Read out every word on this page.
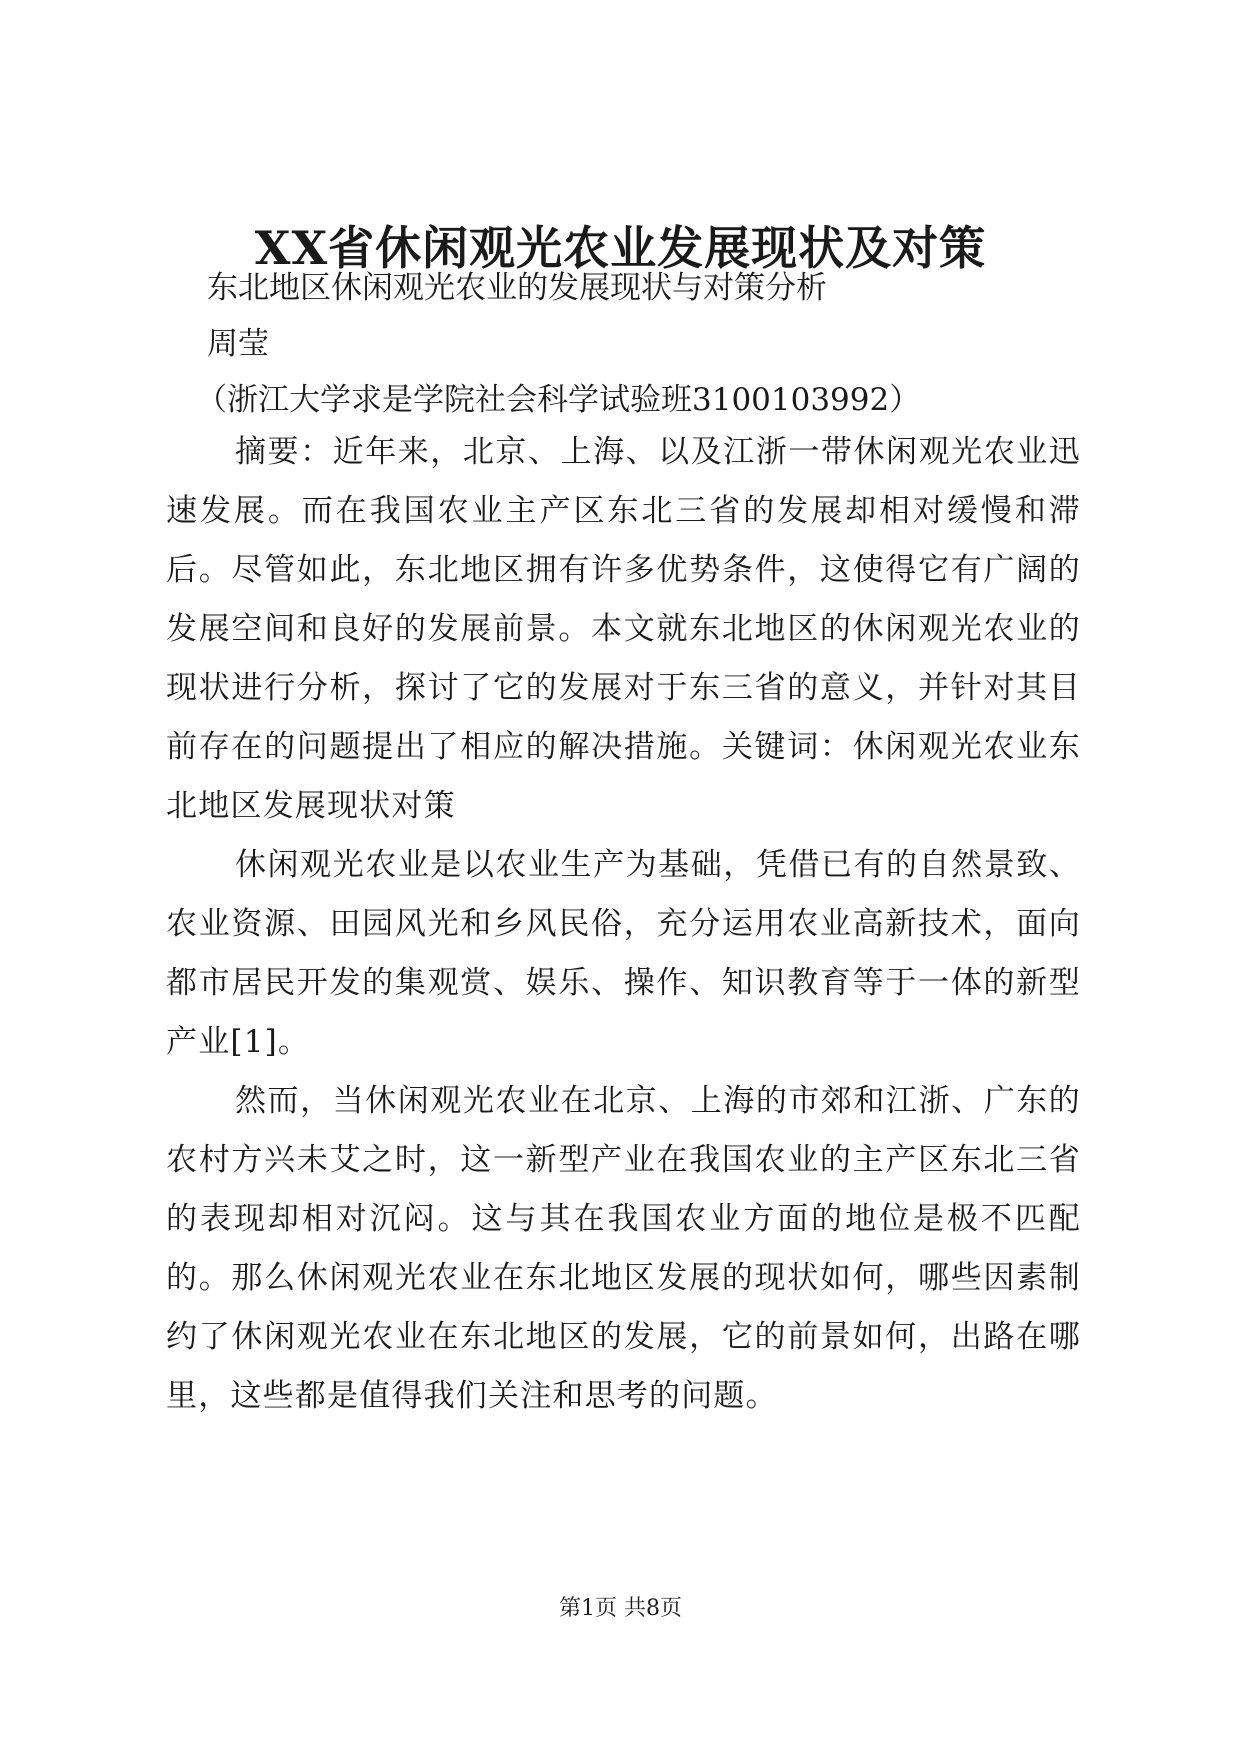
XX省休闲观光农业发展现状及对策
东北地区休闲观光农业的发展现状与对策分析
周莹
（浙江大学求是学院社会科学试验班3100103992）
摘要：近年来，北京、上海、以及江浙一带休闲观光农业迅速发展。而在我国农业主产区东北三省的发展却相对缓慢和滞后。尽管如此，东北地区拥有许多优势条件，这使得它有广阔的发展空间和良好的发展前景。本文就东北地区的休闲观光农业的现状进行分析，探讨了它的发展对于东三省的意义，并针对其目前存在的问题提出了相应的解决措施。关键词：休闲观光农业东北地区发展现状对策
休闲观光农业是以农业生产为基础，凭借已有的自然景致、农业资源、田园风光和乡风民俗，充分运用农业高新技术，面向都市居民开发的集观赏、娱乐、操作、知识教育等于一体的新型产业[1]。
然而，当休闲观光农业在北京、上海的市郊和江浙、广东的农村方兴未艾之时，这一新型产业在我国农业的主产区东北三省的表现却相对沉闷。这与其在我国农业方面的地位是极不匹配的。那么休闲观光农业在东北地区发展的现状如何，哪些因素制约了休闲观光农业在东北地区的发展，它的前景如何，出路在哪里，这些都是值得我们关注和思考的问题。
第1页 共8页
